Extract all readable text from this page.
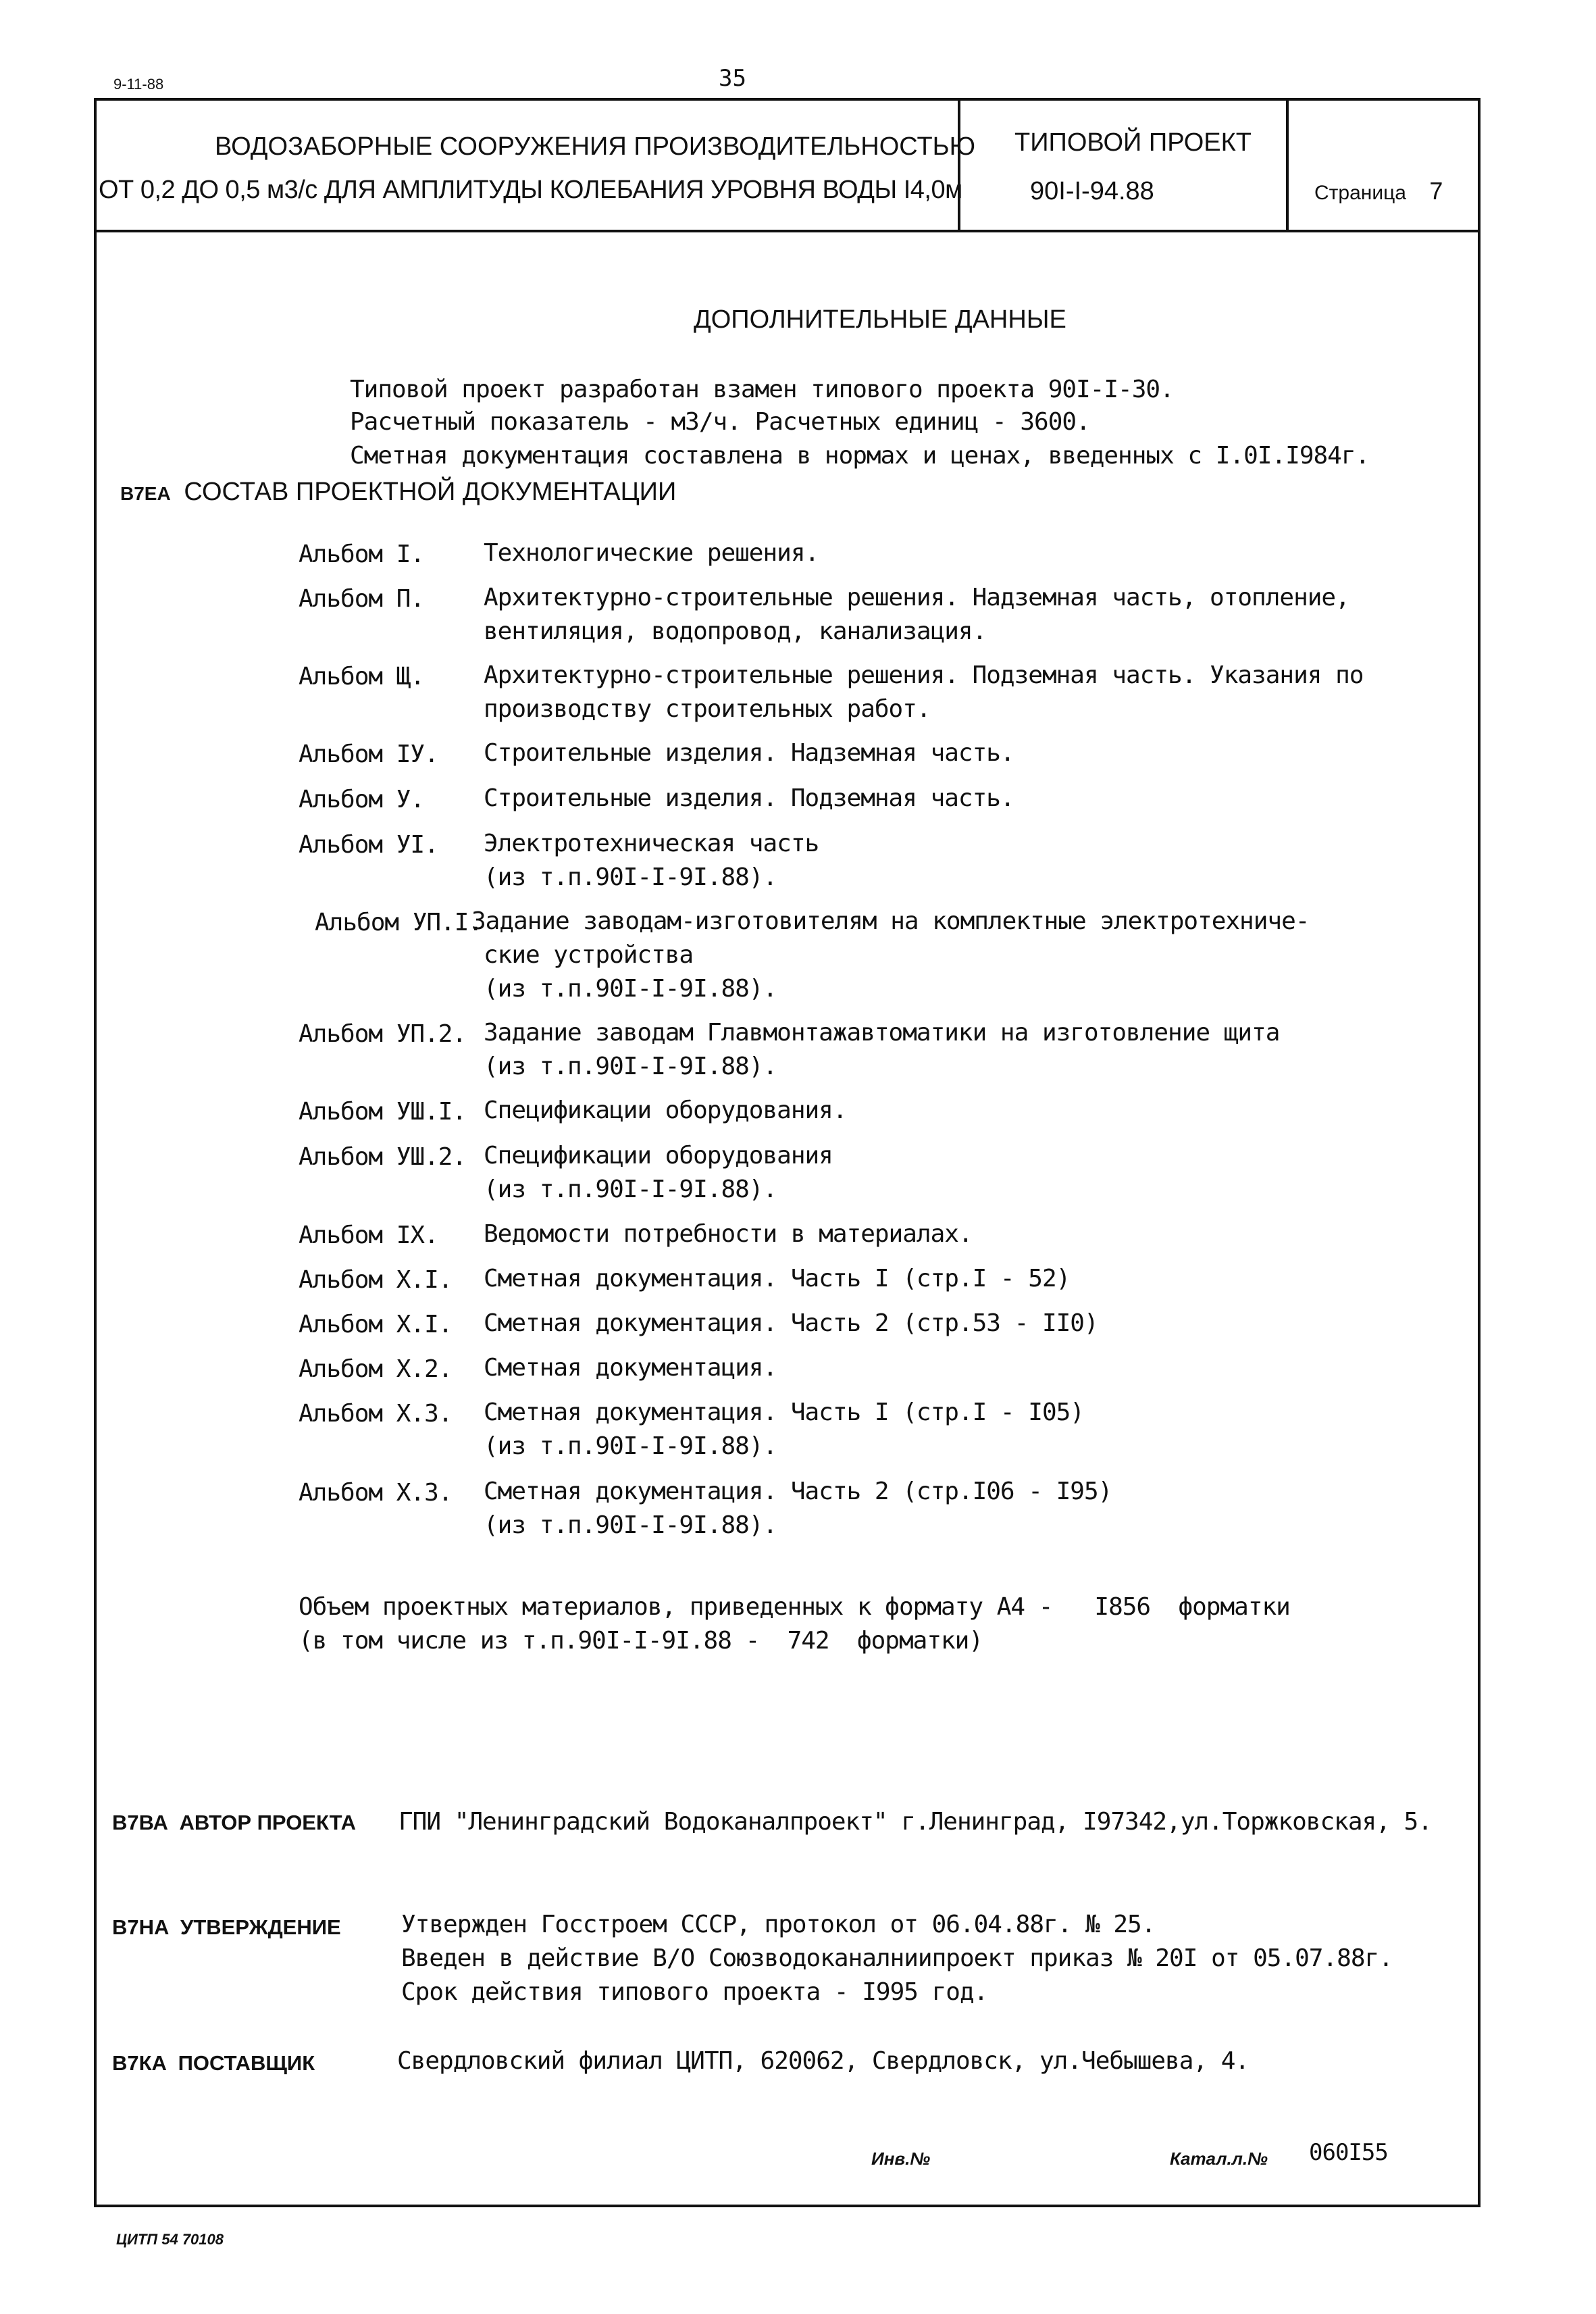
9-11-88	35
ВОДОЗАБОРНЫЕ СООРУЖЕНИЯ ПРОИЗВОДИТЕЛЬНОСТЬЮ
ОТ 0,2 ДО 0,5 м3/с ДЛЯ АМПЛИТУДЫ КОЛЕБАНИЯ УРОВНЯ ВОДЫ I4,0м
ТИПОВОЙ ПРОЕКТ
90I-I-94.88	Страница 7
ДОПОЛНИТЕЛЬНЫЕ ДАННЫЕ
Типовой проект разработан взамен типового проекта 90I-I-30.
Расчетный показатель - м3/ч. Расчетных единиц - 3600.
Сметная документация составлена в нормах и ценах, введенных с I.0I.I984г.
В7ЕА СОСТАВ ПРОЕКТНОЙ ДОКУМЕНТАЦИИ
Альбом I. Технологические решения.
Альбом П. Архитектурно-строительные решения. Надземная часть, отопление,
вентиляция, водопровод, канализация.
Альбом Щ. Архитектурно-строительные решения. Подземная часть. Указания по
производству строительных работ.
Альбом IУ. Строительные изделия. Надземная часть.
Альбом У. Строительные изделия. Подземная часть.
Альбом УI. Электротехническая часть
(из т.п.90I-I-9I.88).
Альбом УП.I.
Задание заводам-изготовителям на комплектные электротехниче-
ские устройства
(из т.п.90I-I-9I.88).
Альбом УП.2. Задание заводам Главмонтажавтоматики на изготовление щита
(из т.п.90I-I-9I.88).
Альбом УШ.I. Спецификации оборудования.
Альбом УШ.2. Спецификации оборудования
(из т.п.90I-I-9I.88).
Альбом IX. Ведомости потребности в материалах.
Альбом X.I. Сметная документация. Часть I (стр.I - 52)
Альбом X.I. Сметная документация. Часть 2 (стр.53 - II0)
Альбом X.2. Сметная документация.
Альбом X.3. Сметная документация. Часть I (стр.I - I05)
(из т.п.90I-I-9I.88).
Альбом X.3. Сметная документация. Часть 2 (стр.I06 - I95)
(из т.п.90I-I-9I.88).
Объем проектных материалов, приведенных к формату А4 -   I856  форматки
(в том числе из т.п.90I-I-9I.88 -  742  форматки)
В7ВА АВТОР ПРОЕКТА ГПИ "Ленинградский Водоканалпроект" г.Ленинград, I97342,ул.Торжковская, 5.
В7НА УТВЕРЖДЕНИЕ Утвержден Госстроем СССР, протокол от 06.04.88г. № 25.
Введен в действие В/О Союзводоканалниипроект приказ № 20I от 05.07.88г.
Срок действия типового проекта - I995 год.
В7КА ПОСТАВЩИК	Свердловский филиал ЦИТП, 620062, Свердловск, ул.Чебышева, 4.
Инв.№	Катал.л.№ 060I55
ЦИТП 54 70108
